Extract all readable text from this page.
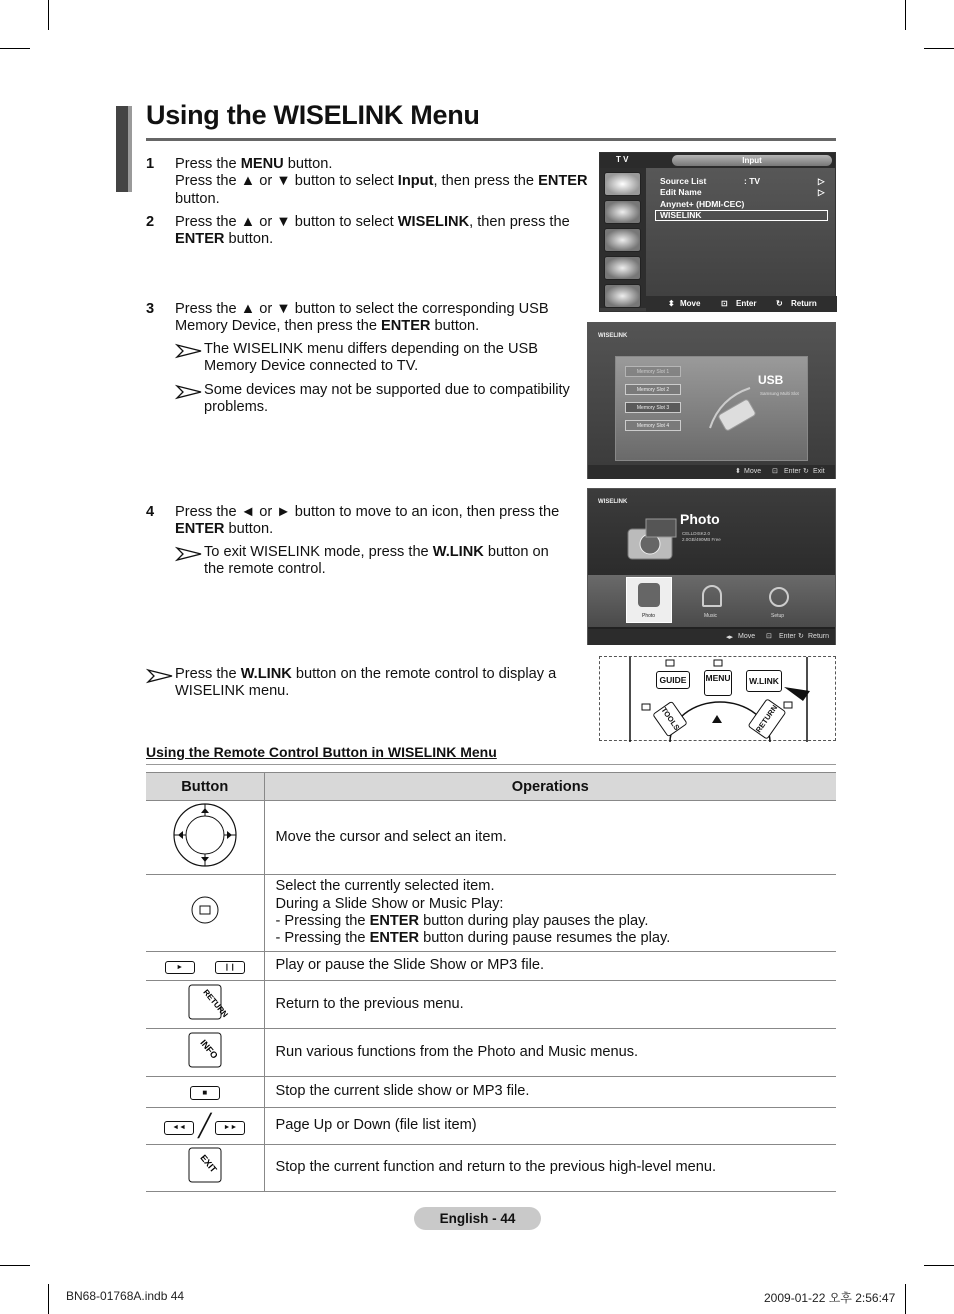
Using the WISELINK Menu
1 Press the MENU button.
Press the ▲ or ▼ button to select Input, then press the ENTER
button.
2 Press the ▲ or ▼ button to select WISELINK, then press the
ENTER button.
3 Press the ▲ or ▼ button to select the corresponding USB
Memory Device, then press the ENTER button.
The WISELINK menu differs depending on the USB
Memory Device connected to TV.
Some devices may not be supported due to compatibility
problems.
4 Press the ◄ or ► button to move to an icon, then press the
ENTER button.
To exit WISELINK mode, press the W.LINK button on
the remote control.
Press the W.LINK button on the remote control to display a
WISELINK menu.
T V	Input
Source List	: TV	▷
Edit Name	▷
Anynet+ (HDMI-CEC)
WISELINK
⬍ Move	⊡ Enter ↻ Return
WISELINK
Memory Slot 1
Memory Slot 2
Memory Slot 3
Memory Slot 4
USB
Samsung Multi Slot
⬍ Move ⊡ Enter ↻ Exit
WISELINK
Photo
CELLDISK2.0
2.0GB/490MB Free
Photo	Music	Setup
◂▸ Move ⊡ Enter ↻ Return
GUIDE	MENU	W.LINK
TOOLS	RETURN
Using the Remote Control Button in WISELINK Menu
Button	Operations
	Move the cursor and select an item.
	Select the currently selected item.
During a Slide Show or Music Play:
- Pressing the ENTER button during play pauses the play.
- Pressing the ENTER button during pause resumes the play.
► ❙❙	Play or pause the Slide Show or MP3 file.

RETURN	Return to the previous menu.

INFO	Run various functions from the Photo and Music menus.
■	Stop the current slide show or MP3 file.
◄◄ ╱ ►►	Page Up or Down (file list item)

EXIT	Stop the current function and return to the previous high-level menu.
English - 44
BN68-01768A.indb 44	2009-01-22 오후 2:56:47
